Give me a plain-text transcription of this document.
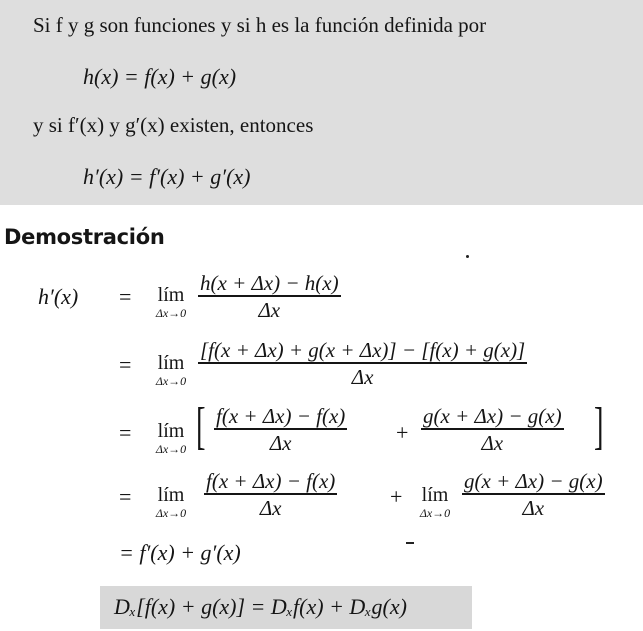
Si f y g son funciones y si h es la función definida por
h(x) = f(x) + g(x)
y si f′(x) y g′(x) existen, entonces
h′(x) = f′(x) + g′(x)
Demostración
h′(x) =	lím
Δx→0
h(x + Δx) − h(x)
Δx
=	lím
Δx→0
[f(x + Δx) + g(x + Δx)] − [f(x) + g(x)]
Δx
=	lím
Δx→0 [ f(x + Δx) − f(x)
Δx	+
g(x + Δx) − g(x)
Δx	]
=	lím
Δx→0
f(x + Δx) − f(x)
Δx	+ lím
Δx→0
g(x + Δx) − g(x)
Δx
= f′(x) + g′(x)
Dₓ[f(x) + g(x)] = Dₓf(x) + Dₓg(x)
